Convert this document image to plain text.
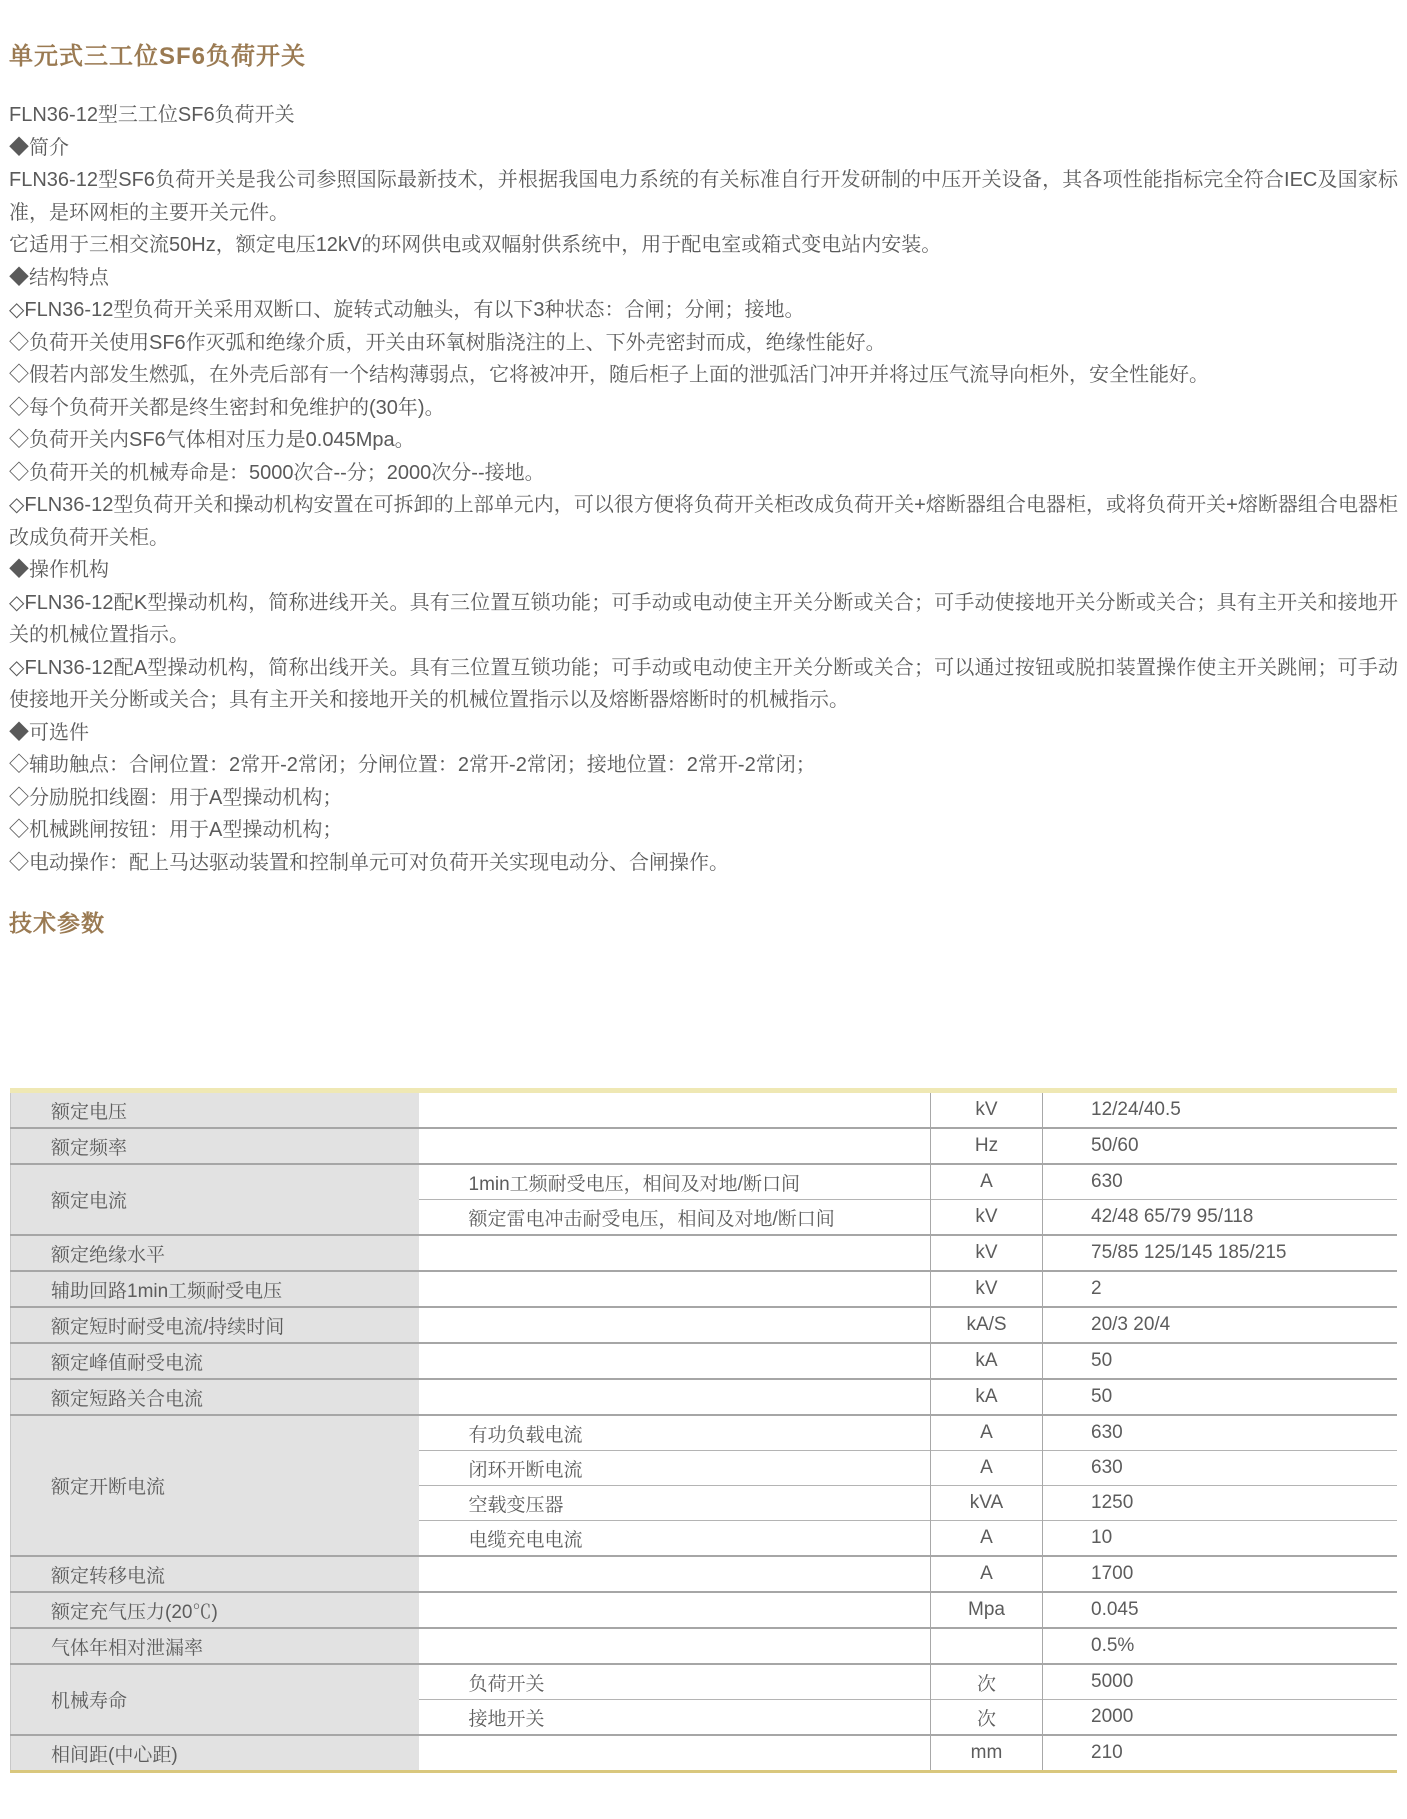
单元式三工位SF6负荷开关

FLN36-12型三工位SF6负荷开关

◆简介

FLN36-12型SF6负荷开关是我公司参照国际最新技术，并根据我国电力系统的有关标准自行开发研制的中压开关设备，其各项性能指标完全符合IEC及国家标准，是环网柜的主要开关元件。

它适用于三相交流50Hz，额定电压12kV的环网供电或双幅射供系统中，用于配电室或箱式变电站内安装。

◆结构特点

◇FLN36-12型负荷开关采用双断口、旋转式动触头，有以下3种状态：合闸；分闸；接地。

◇负荷开关使用SF6作灭弧和绝缘介质，开关由环氧树脂浇注的上、下外壳密封而成，绝缘性能好。

◇假若内部发生燃弧，在外壳后部有一个结构薄弱点，它将被冲开，随后柜子上面的泄弧活门冲开并将过压气流导向柜外，安全性能好。

◇每个负荷开关都是终生密封和免维护的(30年)。

◇负荷开关内SF6气体相对压力是0.045Mpa。

◇负荷开关的机械寿命是：5000次合--分；2000次分--接地。

◇FLN36-12型负荷开关和操动机构安置在可拆卸的上部单元内，可以很方便将负荷开关柜改成负荷开关+熔断器组合电器柜，或将负荷开关+熔断器组合电器柜改成负荷开关柜。

◆操作机构

◇FLN36-12配K型操动机构，简称进线开关。具有三位置互锁功能；可手动或电动使主开关分断或关合；可手动使接地开关分断或关合；具有主开关和接地开关的机械位置指示。

◇FLN36-12配A型操动机构，简称出线开关。具有三位置互锁功能；可手动或电动使主开关分断或关合；可以通过按钮或脱扣装置操作使主开关跳闸；可手动使接地开关分断或关合；具有主开关和接地开关的机械位置指示以及熔断器熔断时的机械指示。

◆可选件

◇辅助触点：合闸位置：2常开-2常闭；分闸位置：2常开-2常闭；接地位置：2常开-2常闭；

◇分励脱扣线圈：用于A型操动机构；

◇机械跳闸按钮：用于A型操动机构；

◇电动操作：配上马达驱动装置和控制单元可对负荷开关实现电动分、合闸操作。

技术参数
额定电压		kV	12/24/40.5
额定频率		Hz	50/60
额定电流	1min工频耐受电压，相间及对地/断口间	A	630
	额定雷电冲击耐受电压，相间及对地/断口间	kV	42/48 65/79 95/118
额定绝缘水平		kV	75/85 125/145 185/215
辅助回路1min工频耐受电压		kV	2
额定短时耐受电流/持续时间		kA/S	20/3 20/4
额定峰值耐受电流		kA	50
额定短路关合电流		kA	50
额定开断电流	有功负载电流	A	630
	闭环开断电流	A	630
	空载变压器	kVA	1250
	电缆充电电流	A	10
额定转移电流		A	1700
额定充气压力(20℃)		Mpa	0.045
气体年相对泄漏率			0.5%
机械寿命	负荷开关	次	5000
	接地开关	次	2000
相间距(中心距)		mm	210
